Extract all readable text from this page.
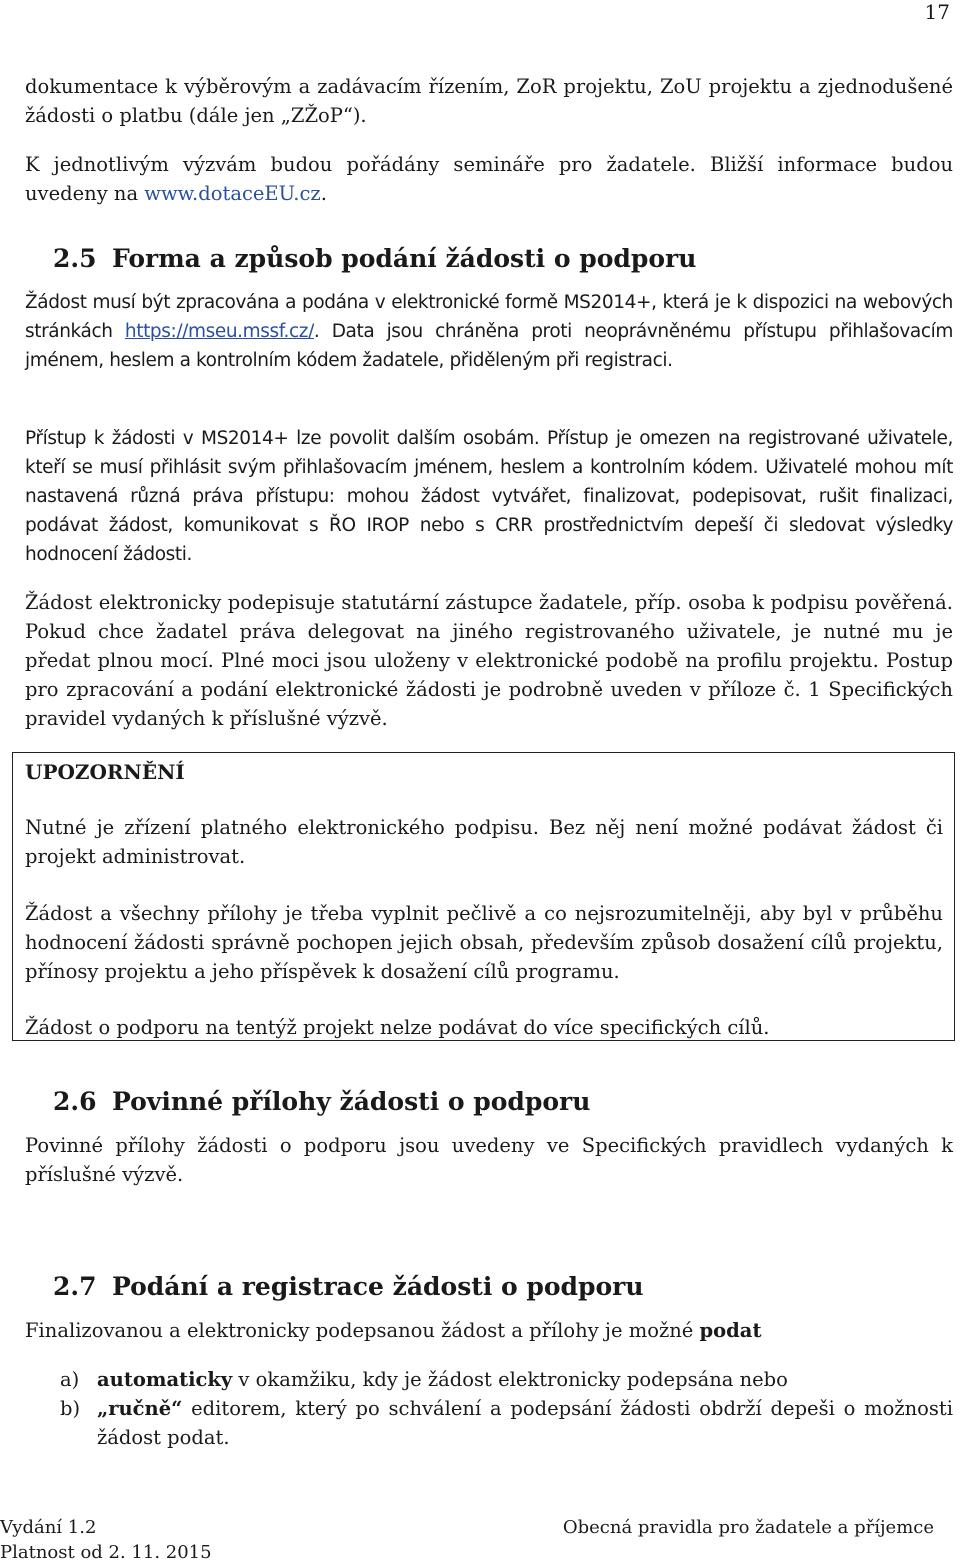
17

dokumentace k výběrovým a zadávacím řízením, ZoR projektu, ZoU projektu a zjednodušené žádosti o platbu (dále jen „ZŽoP“).

K jednotlivým výzvám budou pořádány semináře pro žadatele. Bližší informace budou uvedeny na www.dotaceEU.cz.

2.5 Forma a způsob podání žádosti o podporu

Žádost musí být zpracována a podána v elektronické formě MS2014+, která je k dispozici na webových stránkách https://mseu.mssf.cz/. Data jsou chráněna proti neoprávněnému přístupu přihlašovacím jménem, heslem a kontrolním kódem žadatele, přiděleným při registraci.

Přístup k žádosti v MS2014+ lze povolit dalším osobám. Přístup je omezen na registrované uživatele, kteří se musí přihlásit svým přihlašovacím jménem, heslem a kontrolním kódem. Uživatelé mohou mít nastavená různá práva přístupu: mohou žádost vytvářet, finalizovat, podepisovat, rušit finalizaci, podávat žádost, komunikovat s ŘO IROP nebo s CRR prostřednictvím depeší či sledovat výsledky hodnocení žádosti.

Žádost elektronicky podepisuje statutární zástupce žadatele, příp. osoba k podpisu pověřená. Pokud chce žadatel práva delegovat na jiného registrovaného uživatele, je nutné mu je předat plnou mocí. Plné moci jsou uloženy v elektronické podobě na profilu projektu. Postup pro zpracování a podání elektronické žádosti je podrobně uveden v příloze č. 1 Specifických pravidel vydaných k příslušné výzvě.

UPOZORNĚNÍ

Nutné je zřízení platného elektronického podpisu. Bez něj není možné podávat žádost či projekt administrovat.

Žádost a všechny přílohy je třeba vyplnit pečlivě a co nejsrozumitelněji, aby byl v průběhu hodnocení žádosti správně pochopen jejich obsah, především způsob dosažení cílů projektu, přínosy projektu a jeho příspěvek k dosažení cílů programu.

Žádost o podporu na tentýž projekt nelze podávat do více specifických cílů.

2.6 Povinné přílohy žádosti o podporu

Povinné přílohy žádosti o podporu jsou uvedeny ve Specifických pravidlech vydaných k příslušné výzvě.

2.7 Podání a registrace žádosti o podporu

Finalizovanou a elektronicky podepsanou žádost a přílohy je možné podat

a) automaticky v okamžiku, kdy je žádost elektronicky podepsána nebo
b) „ručně“ editorem, který po schválení a podepsání žádosti obdrží depeši o možnosti žádost podat.
Vydání 1.2
Platnost od 2. 11. 2015
Obecná pravidla pro žadatele a příjemce
